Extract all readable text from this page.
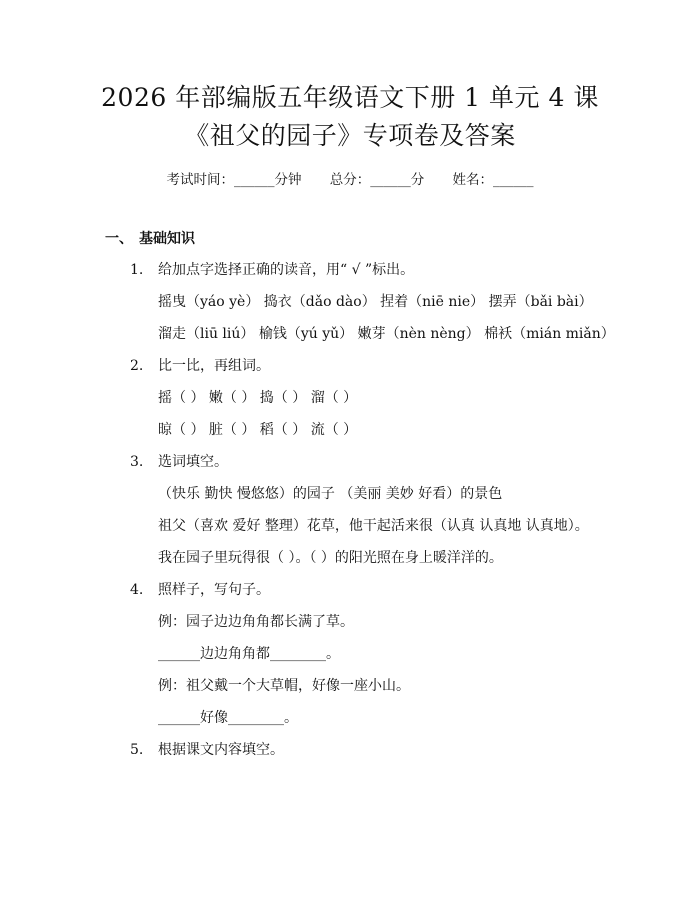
2026 年部编版五年级语文下册 1 单元 4 课
《祖父的园子》专项卷及答案
考试时间：______分钟 总分：______分 姓名：______
一、 基础知识
1. 给加点字选择正确的读音，用“ √ ”标出。
摇曳（yáo yè） 捣衣（dǎo dào） 捏着（niē nie） 摆弄（bǎi bài）
溜走（liū liú） 榆钱（yú yǔ） 嫩芽（nèn nèng） 棉袄（mián miǎn）
2. 比一比，再组词。
摇（ ） 嫩（ ） 捣（ ） 溜（ ）
晾（ ） 脏（ ） 稻（ ） 流（ ）
3. 选词填空。
（快乐 勤快 慢悠悠）的园子 （美丽 美妙 好看）的景色
祖父（喜欢 爱好 整理）花草，他干起活来很（认真 认真地 认真地）。
我在园子里玩得很（ ）。（ ）的阳光照在身上暖洋洋的。
4. 照样子，写句子。
例：园子边边角角都长满了草。
______边边角角都________。
例：祖父戴一个大草帽，好像一座小山。
______好像________。
5. 根据课文内容填空。
